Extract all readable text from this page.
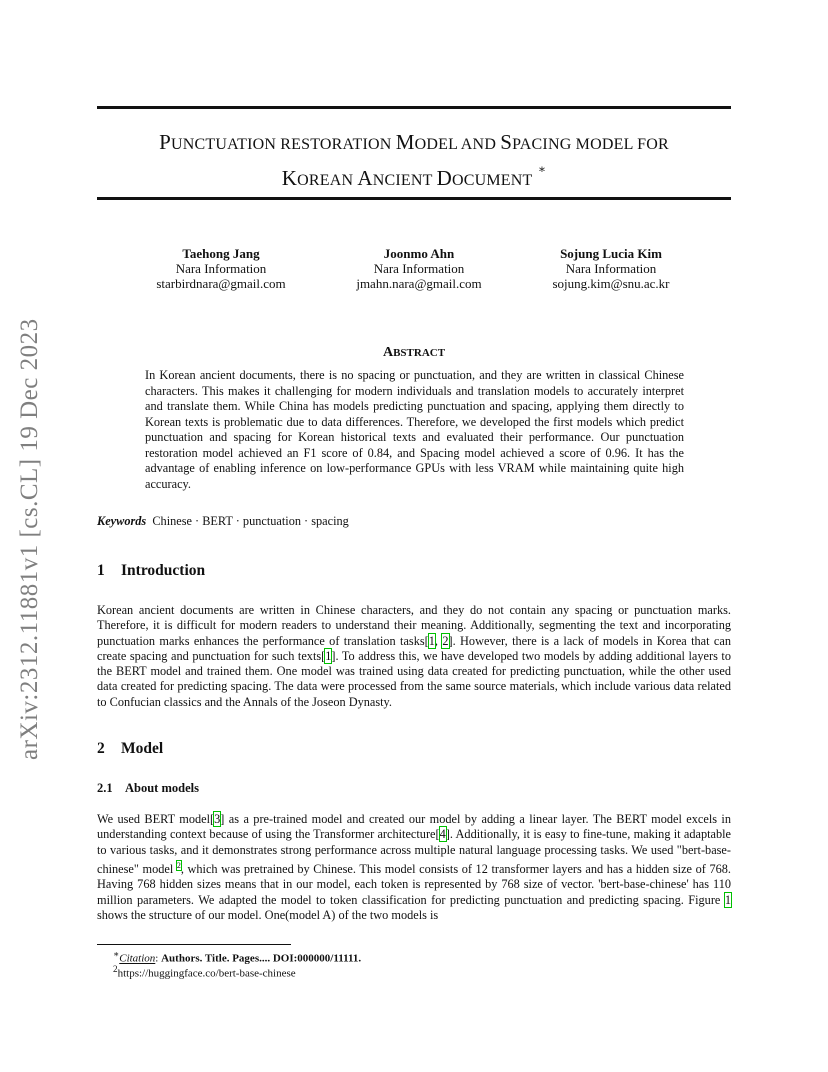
PUNCTUATION RESTORATION MODEL AND SPACING MODEL FOR
KOREAN ANCIENT DOCUMENT ∗
arXiv:2312.11881v1 [cs.CL] 19 Dec 2023
Taehong Jang
Nara Information
starbirdnara@gmail.com
Joonmo Ahn
Nara Information
jmahn.nara@gmail.com
Sojung Lucia Kim
Nara Information
sojung.kim@snu.ac.kr
ABSTRACT
In Korean ancient documents, there is no spacing or punctuation, and they are written in classical Chinese characters. This makes it challenging for modern individuals and translation models to accurately interpret and translate them. While China has models predicting punctuation and spacing, applying them directly to Korean texts is problematic due to data differences. Therefore, we developed the first models which predict punctuation and spacing for Korean historical texts and evaluated their performance. Our punctuation restoration model achieved an F1 score of 0.84, and Spacing model achieved a score of 0.96. It has the advantage of enabling inference on low-performance GPUs with less VRAM while maintaining quite high accuracy.
Keywords Chinese · BERT · punctuation · spacing
1 Introduction
Korean ancient documents are written in Chinese characters, and they do not contain any spacing or punctuation marks. Therefore, it is difficult for modern readers to understand their meaning. Additionally, segmenting the text and incorporating punctuation marks enhances the performance of translation tasks[1, 2]. However, there is a lack of models in Korea that can create spacing and punctuation for such texts[1]. To address this, we have developed two models by adding additional layers to the BERT model and trained them. One model was trained using data created for predicting punctuation, while the other used data created for predicting spacing. The data were processed from the same source materials, which include various data related to Confucian classics and the Annals of the Joseon Dynasty.
2 Model
2.1 About models
We used BERT model[3] as a pre-trained model and created our model by adding a linear layer. The BERT model excels in understanding context because of using the Transformer architecture[4]. Additionally, it is easy to fine-tune, making it adaptable to various tasks, and it demonstrates strong performance across multiple natural language processing tasks. We used "bert-base-chinese" model $^2$, which was pretrained by Chinese. This model consists of 12 transformer layers and has a hidden size of 768. Having 768 hidden sizes means that in our model, each token is represented by 768 size of vector. 'bert-base-chinese' has 110 million parameters. We adapted the model to token classification for predicting punctuation and predicting spacing. Figure 1 shows the structure of our model. One(model A) of the two models is
∗Citation: Authors. Title. Pages.... DOI:000000/11111.
$^2$https://huggingface.co/bert-base-chinese
